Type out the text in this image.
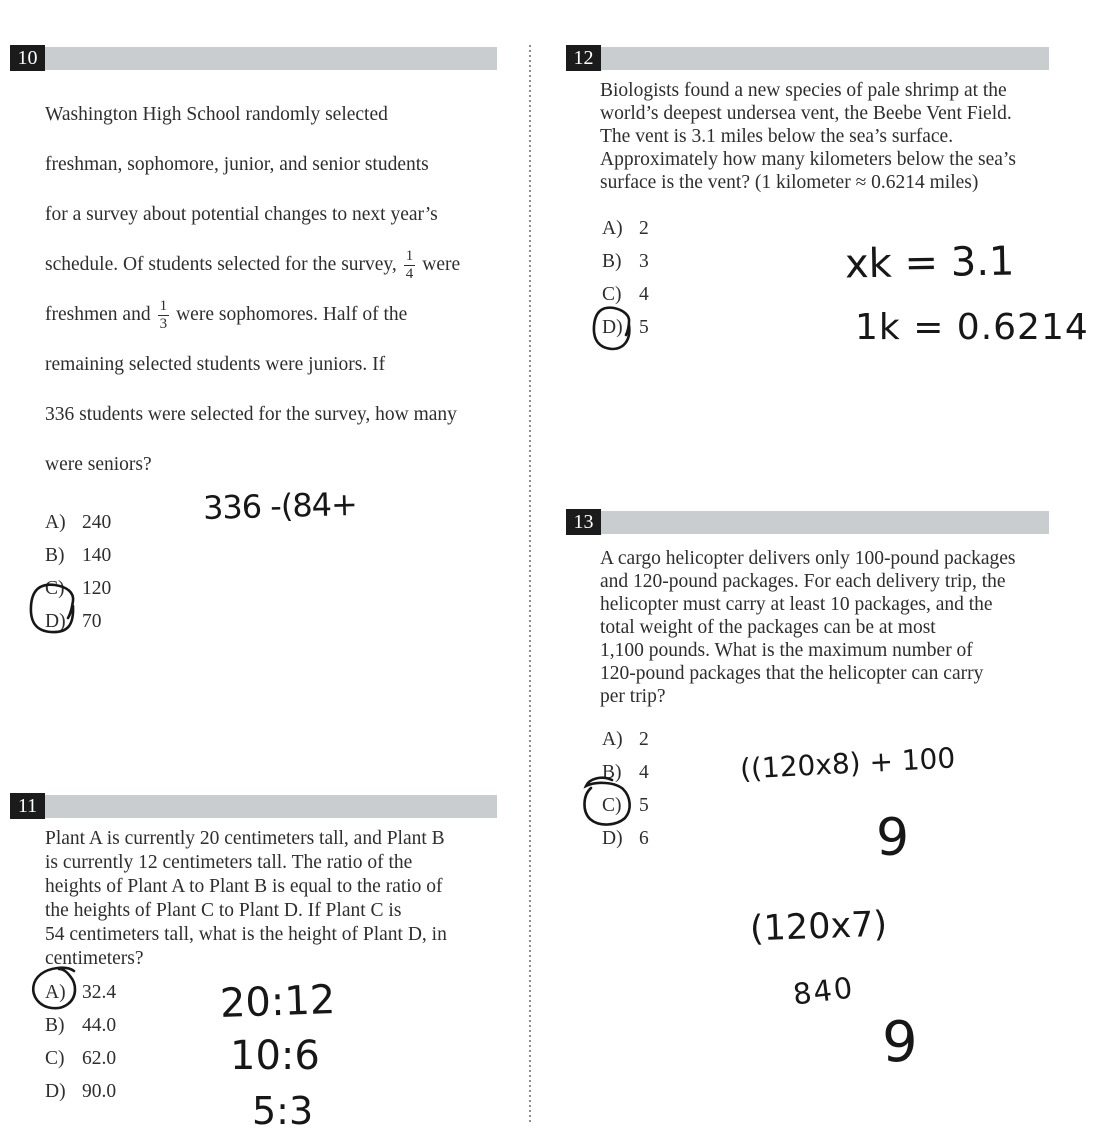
10
Washington High School randomly selected
freshman, sophomore, junior, and senior students
for a survey about potential changes to next year’s
schedule. Of students selected for the survey, $\frac{1}{4}$ were
freshmen and $\frac{1}{3}$ were sophomores. Half of the
remaining selected students were juniors. If
336 students were selected for the survey, how many
were seniors?
A) 240
B) 140
C) 120
D) 70
11
Plant A is currently 20 centimeters tall, and Plant B
is currently 12 centimeters tall. The ratio of the
heights of Plant A to Plant B is equal to the ratio of
the heights of Plant C to Plant D. If Plant C is
54 centimeters tall, what is the height of Plant D, in
centimeters?
A) 32.4
B) 44.0
C) 62.0
D) 90.0
12
Biologists found a new species of pale shrimp at the
world’s deepest undersea vent, the Beebe Vent Field.
The vent is 3.1 miles below the sea’s surface.
Approximately how many kilometers below the sea’s
surface is the vent? (1 kilometer ≈ 0.6214 miles)
A) 2
B) 3
C) 4
D) 5
13
A cargo helicopter delivers only 100-pound packages
and 120-pound packages. For each delivery trip, the
helicopter must carry at least 10 packages, and the
total weight of the packages can be at most
1,100 pounds. What is the maximum number of
120-pound packages that the helicopter can carry
per trip?
A) 2
B) 4
C) 5
D) 6
336 -(84+
20:12
10:6
5:3
xk = 3.1
1k = 0.6214
((120x8) + 100
9
(120x7)
840
9
